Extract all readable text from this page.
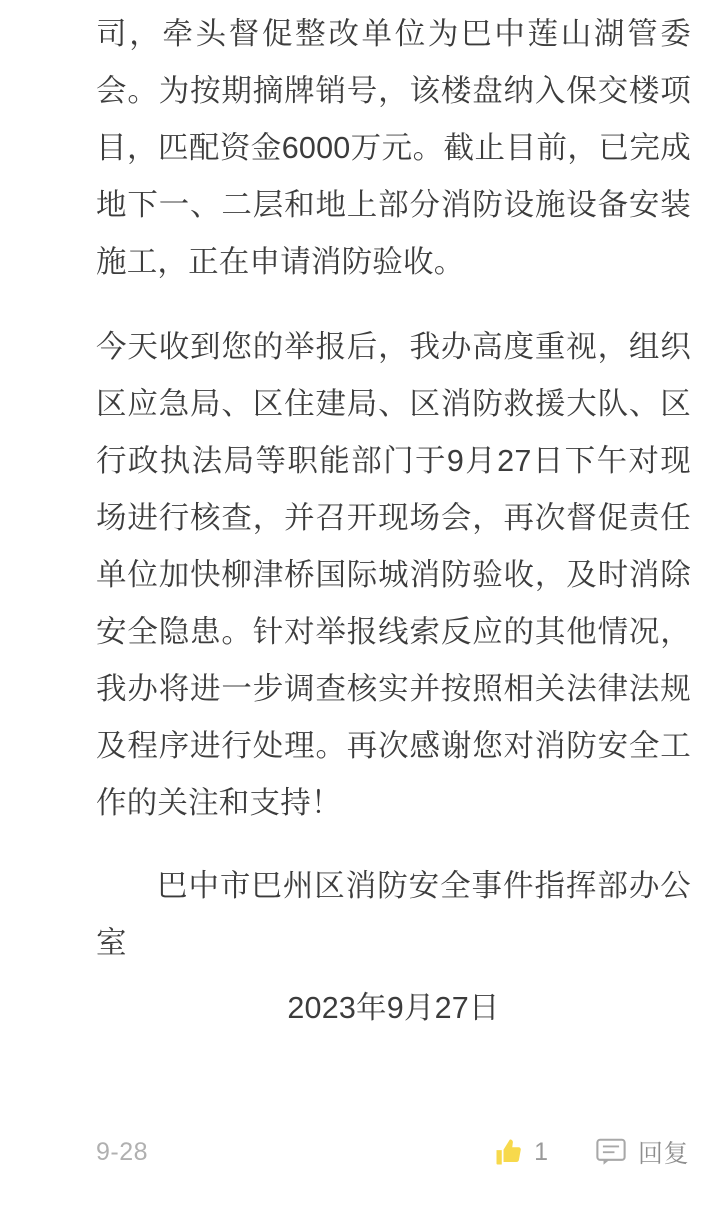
司，牵头督促整改单位为巴中莲山湖管委会。为按期摘牌销号，该楼盘纳入保交楼项目，匹配资金6000万元。截止目前，已完成地下一、二层和地上部分消防设施设备安装施工，正在申请消防验收。

今天收到您的举报后，我办高度重视，组织区应急局、区住建局、区消防救援大队、区行政执法局等职能部门于9月27日下午对现场进行核查，并召开现场会，再次督促责任单位加快柳津桥国际城消防验收，及时消除安全隐患。针对举报线索反应的其他情况，我办将进一步调查核实并按照相关法律法规及程序进行处理。再次感谢您对消防安全工作的关注和支持！

巴中市巴州区消防安全事件指挥部办公室

2023年9月27日

9-28	1	回复
